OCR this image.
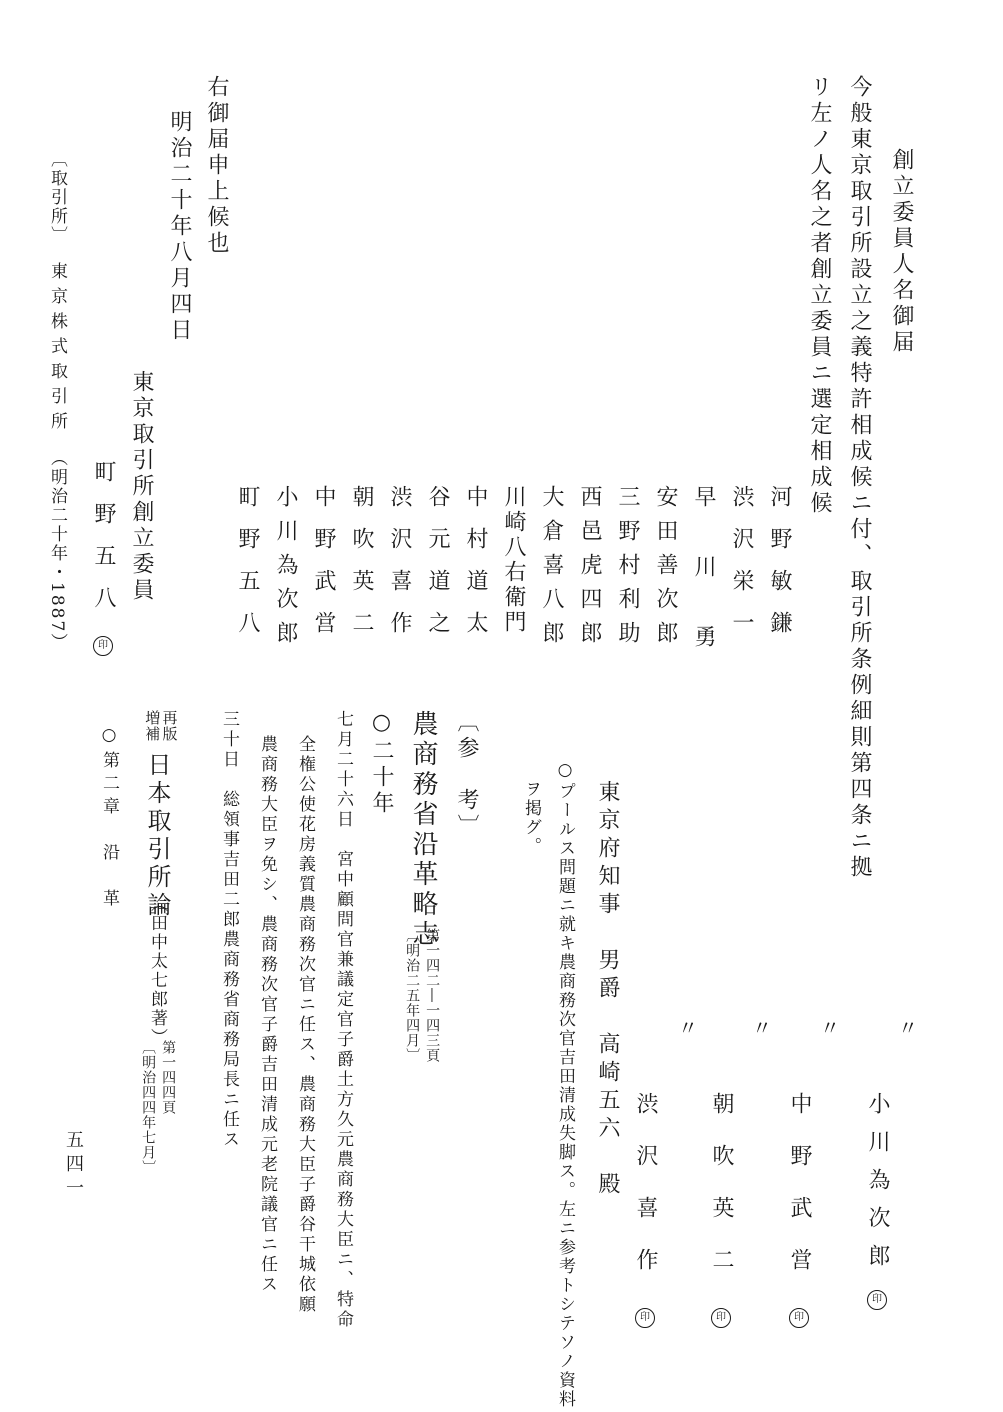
創立委員人名御届
今般東京取引所設立之義特許相成候ニ付、取引所条例細則第四条ニ拠
リ左ノ人名之者創立委員ニ選定相成候
河野敏鎌
渋沢栄一
早川勇
安田善次郎
三野村利助
西邑虎四郎
大倉喜八郎
川崎八右衛門
中村道太
谷元道之
渋沢喜作
朝吹英二
中野武営
小川為次郎
町野五八
右御届申上候也
明治二十年八月四日
東京取引所創立委員
町野五八印
〔取引所〕
東京株式取引所（明治二十年・1887）
〃
小川為次郎印
〃
中野武営印
〃
朝吹英二印
〃
渋沢喜作印
東京府知事　男爵　高崎五六　殿
○プールス問題ニ就キ農商務次官吉田清成失脚ス。左ニ参考トシテソノ資料
ヲ掲グ。
〔参　考〕
農商務省沿革略志
第一四二―一四三頁
〔明治二五年四月〕
○二十年
七月二十六日　宮中顧問官兼議定官子爵土方久元農商務大臣ニ、特命
全権公使花房義質農商務次官ニ任ス、農商務大臣子爵谷干城依願
農商務大臣ヲ免シ、農商務次官子爵吉田清成元老院議官ニ任ス
三十日　総領事吉田二郎農商務省商務局長ニ任ス
再版
増補
日本取引所論
（田中太七郎著）
第一四四頁
〔明治四四年七月〕
○第二章　沿　革
五四一
